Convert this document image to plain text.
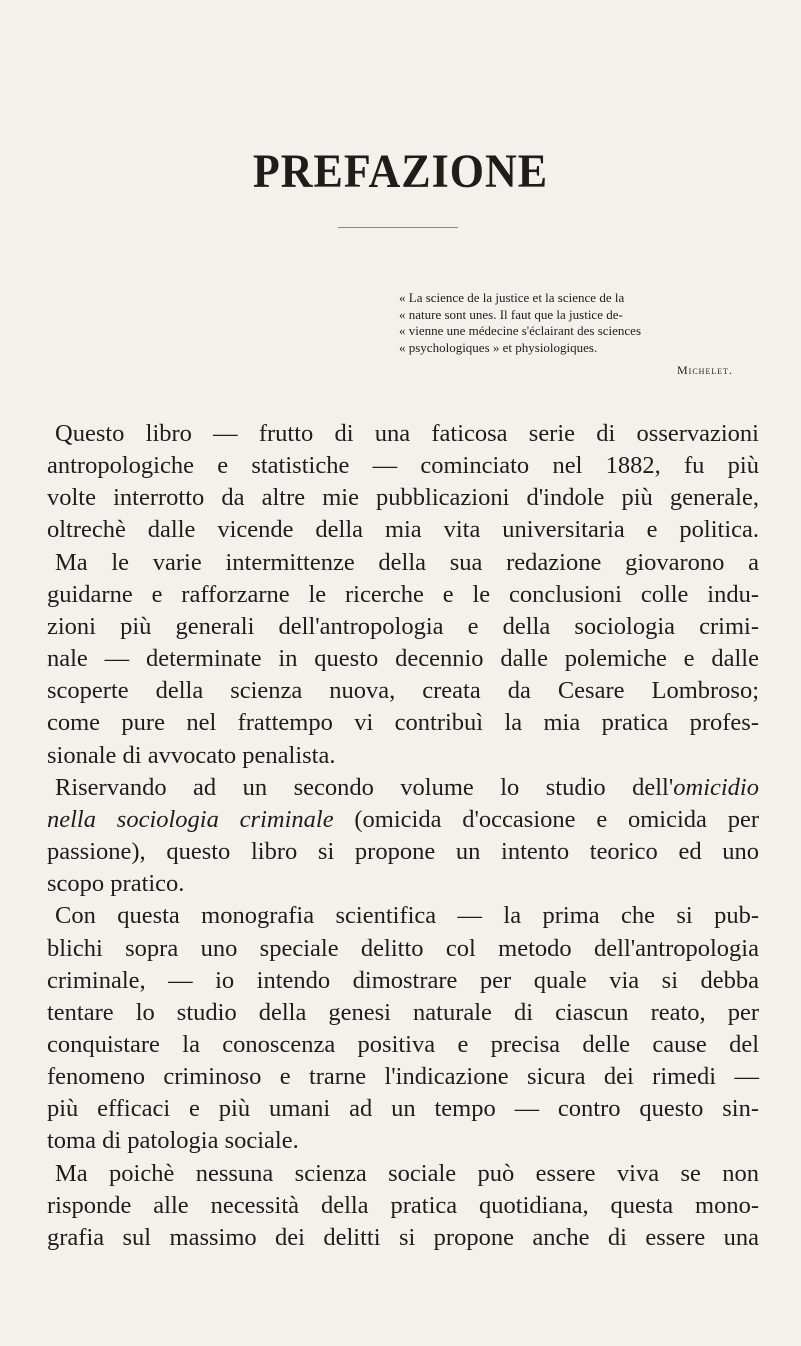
PREFAZIONE
« La science de la justice et la science de la
« nature sont unes. Il faut que la justice de-
« vienne une médecine s'éclairant des sciences
« psychologiques » et physiologiques.
Michelet.
Questo libro — frutto di una faticosa serie di osservazioni
antropologiche e statistiche — cominciato nel 1882, fu più
volte interrotto da altre mie pubblicazioni d'indole più generale,
oltrechè dalle vicende della mia vita universitaria e politica.
Ma le varie intermittenze della sua redazione giovarono a
guidarne e rafforzarne le ricerche e le conclusioni colle indu-
zioni più generali dell'antropologia e della sociologia crimi-
nale — determinate in questo decennio dalle polemiche e dalle
scoperte della scienza nuova, creata da Cesare Lombroso;
come pure nel frattempo vi contribuì la mia pratica profes-
sionale di avvocato penalista.
Riservando ad un secondo volume lo studio dell'omicidio
nella sociologia criminale (omicida d'occasione e omicida per
passione), questo libro si propone un intento teorico ed uno
scopo pratico.
Con questa monografia scientifica — la prima che si pub-
blichi sopra uno speciale delitto col metodo dell'antropologia
criminale, — io intendo dimostrare per quale via si debba
tentare lo studio della genesi naturale di ciascun reato, per
conquistare la conoscenza positiva e precisa delle cause del
fenomeno criminoso e trarne l'indicazione sicura dei rimedi —
più efficaci e più umani ad un tempo — contro questo sin-
toma di patologia sociale.
Ma poichè nessuna scienza sociale può essere viva se non
risponde alle necessità della pratica quotidiana, questa mono-
grafia sul massimo dei delitti si propone anche di essere una
